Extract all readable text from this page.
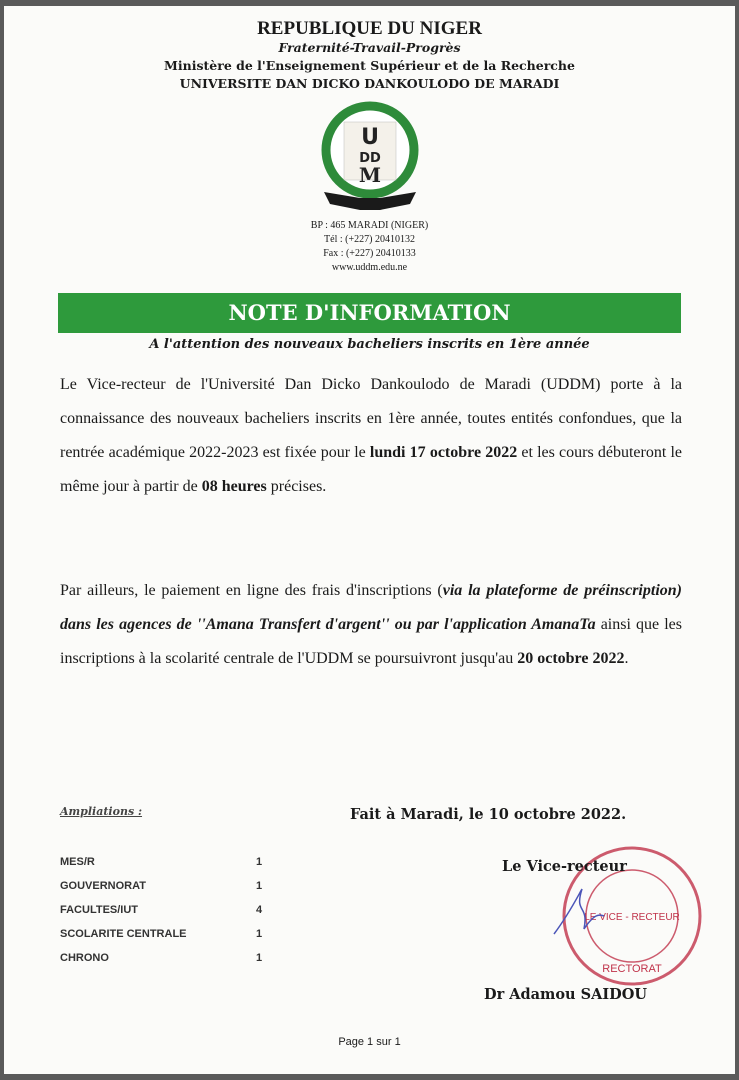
REPUBLIQUE DU NIGER
Fraternité-Travail-Progrès
Ministère de l'Enseignement Supérieur et de la Recherche
UNIVERSITE DAN DICKO DANKOULODO DE MARADI
U
DD
M
BP : 465 MARADI (NIGER)
Tél : (+227) 20410132
Fax : (+227) 20410133
www.uddm.edu.ne
NOTE D'INFORMATION
A l'attention des nouveaux bacheliers inscrits en 1ère année
Le Vice-recteur de l'Université Dan Dicko Dankoulodo de Maradi (UDDM) porte à la connaissance des nouveaux bacheliers inscrits en 1ère année, toutes entités confondues, que la rentrée académique 2022-2023 est fixée pour le lundi 17 octobre 2022 et les cours débuteront le même jour à partir de 08 heures précises.
Par ailleurs, le paiement en ligne des frais d'inscriptions (via la plateforme de préinscription) dans les agences de ''Amana Transfert d'argent'' ou par l'application AmanaTa ainsi que les inscriptions à la scolarité centrale de l'UDDM se poursuivront jusqu'au 20 octobre 2022.
Ampliations :
MES/R	1
GOUVERNORAT	1
FACULTES/IUT	4
SCOLARITE CENTRALE	1
CHRONO	1
Fait à Maradi, le 10 octobre 2022.
LE VICE - RECTEUR
RECTORAT
Le Vice-recteur
Dr Adamou SAIDOU
Page 1 sur 1
